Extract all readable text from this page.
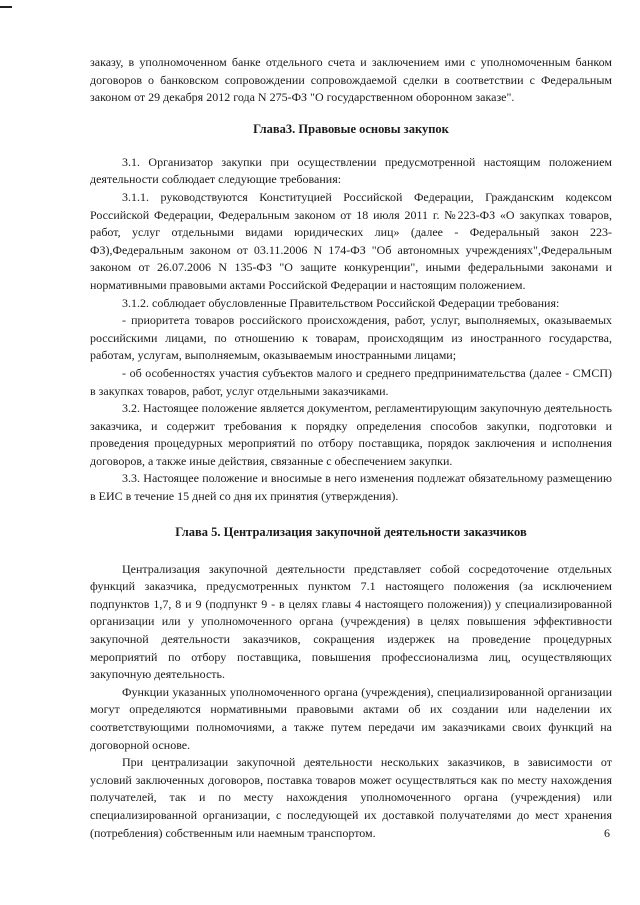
заказу, в уполномоченном банке отдельного счета и заключением ими с уполномоченным банком договоров о банковском сопровождении сопровождаемой сделки в соответствии с Федеральным законом от 29 декабря 2012 года N 275-ФЗ "О государственном оборонном заказе".

Глава3. Правовые основы закупок

3.1. Организатор закупки при осуществлении предусмотренной настоящим положением деятельности соблюдает следующие требования:

3.1.1. руководствуются Конституцией Российской Федерации, Гражданским кодексом Российской Федерации, Федеральным законом от 18 июля 2011 г. №223-ФЗ «О закупках товаров, работ, услуг отдельными видами юридических лиц» (далее - Федеральный закон 223-ФЗ),Федеральным законом от 03.11.2006 N 174-ФЗ "Об автономных учреждениях",Федеральным законом от 26.07.2006 N 135-ФЗ "О защите конкуренции", иными федеральными законами и нормативными правовыми актами Российской Федерации и настоящим положением.

3.1.2. соблюдает обусловленные Правительством Российской Федерации требования:

- приоритета товаров российского происхождения, работ, услуг, выполняемых, оказываемых российскими лицами, по отношению к товарам, происходящим из иностранного государства, работам, услугам, выполняемым, оказываемым иностранными лицами;

- об особенностях участия субъектов малого и среднего предпринимательства (далее - СМСП) в закупках товаров, работ, услуг отдельными заказчиками.

3.2. Настоящее положение является документом, регламентирующим закупочную деятельность заказчика, и содержит требования к порядку определения способов закупки, подготовки и проведения процедурных мероприятий по отбору поставщика, порядок заключения и исполнения договоров, а также иные действия, связанные с обеспечением закупки.

3.3. Настоящее положение и вносимые в него изменения подлежат обязательному размещению в ЕИС в течение 15 дней со дня их принятия (утверждения).

Глава 5. Централизация закупочной деятельности заказчиков

Централизация закупочной деятельности представляет собой сосредоточение отдельных функций заказчика, предусмотренных пунктом 7.1 настоящего положения (за исключением подпунктов 1,7, 8 и 9 (подпункт 9 - в целях главы 4 настоящего положения)) у специализированной организации или у уполномоченного органа (учреждения) в целях повышения эффективности закупочной деятельности заказчиков, сокращения издержек на проведение процедурных мероприятий по отбору поставщика, повышения профессионализма лиц, осуществляющих закупочную деятельность.

Функции указанных уполномоченного органа (учреждения), специализированной организации могут определяются нормативными правовыми актами об их создании или наделении их соответствующими полномочиями, а также путем передачи им заказчиками своих функций на договорной основе.

При централизации закупочной деятельности нескольких заказчиков, в зависимости от условий заключенных договоров, поставка товаров может осуществляться как по месту нахождения получателей, так и по месту нахождения уполномоченного органа (учреждения) или специализированной организации, с последующей их доставкой получателями до мест хранения (потребления) собственным или наемным транспортом.	6
